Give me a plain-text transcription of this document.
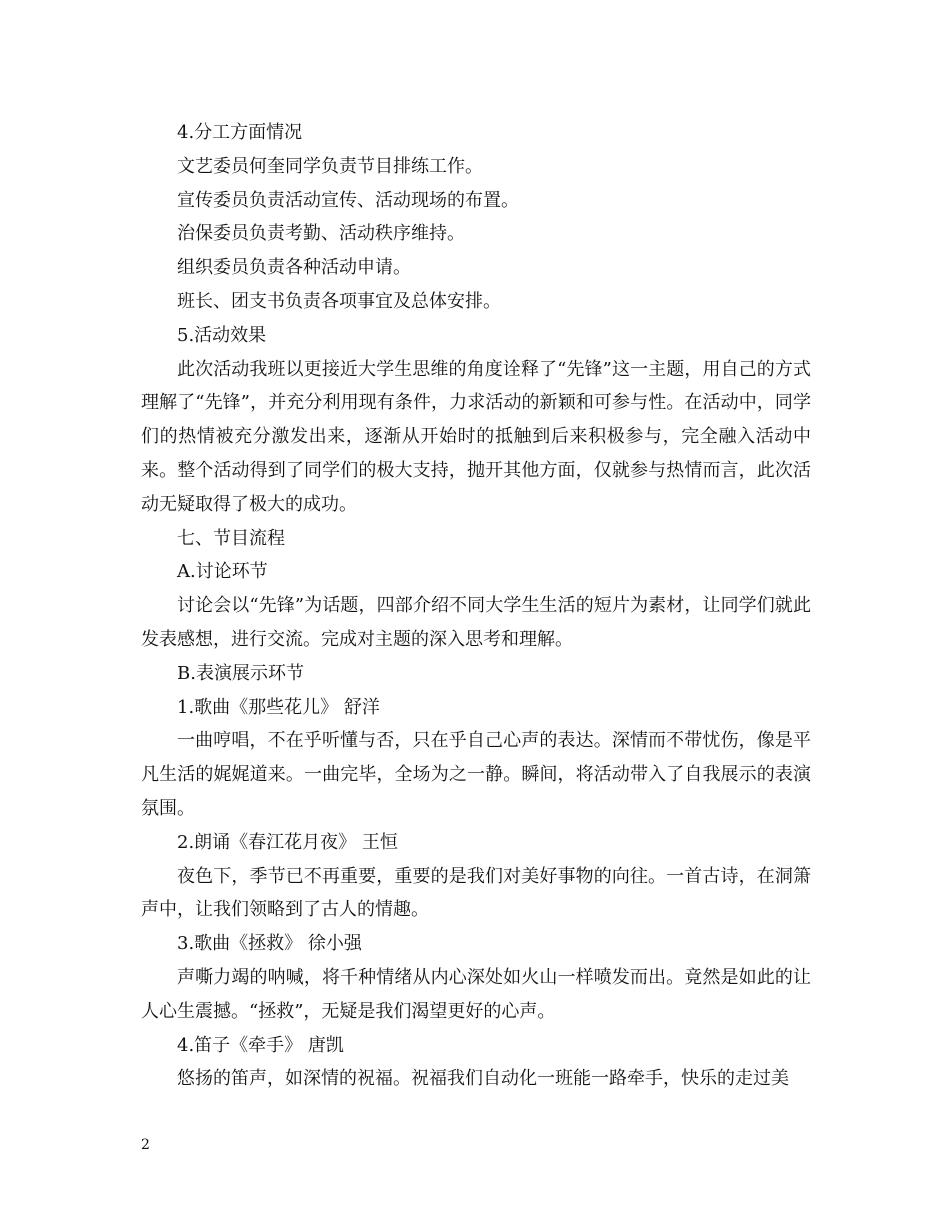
4.分工方面情况

文艺委员何奎同学负责节目排练工作。

宣传委员负责活动宣传、活动现场的布置。

治保委员负责考勤、活动秩序维持。

组织委员负责各种活动申请。

班长、团支书负责各项事宜及总体安排。

5.活动效果

此次活动我班以更接近大学生思维的角度诠释了“先锋”这一主题，用自己的方式理解了“先锋”，并充分利用现有条件，力求活动的新颖和可参与性。在活动中，同学们的热情被充分激发出来，逐渐从开始时的抵触到后来积极参与，完全融入活动中来。整个活动得到了同学们的极大支持，抛开其他方面，仅就参与热情而言，此次活动无疑取得了极大的成功。

七、节目流程

A.讨论环节

讨论会以“先锋”为话题，四部介绍不同大学生生活的短片为素材，让同学们就此发表感想，进行交流。完成对主题的深入思考和理解。

B.表演展示环节

1.歌曲《那些花儿》 舒洋

一曲哼唱，不在乎听懂与否，只在乎自己心声的表达。深情而不带忧伤，像是平凡生活的娓娓道来。一曲完毕，全场为之一静。瞬间，将活动带入了自我展示的表演氛围。

2.朗诵《春江花月夜》 王恒

夜色下，季节已不再重要，重要的是我们对美好事物的向往。一首古诗，在洞箫声中，让我们领略到了古人的情趣。

3.歌曲《拯救》 徐小强

声嘶力竭的呐喊，将千种情绪从内心深处如火山一样喷发而出。竟然是如此的让人心生震撼。“拯救”，无疑是我们渴望更好的心声。

4.笛子《牵手》 唐凯

悠扬的笛声，如深情的祝福。祝福我们自动化一班能一路牵手，快乐的走过美

2
